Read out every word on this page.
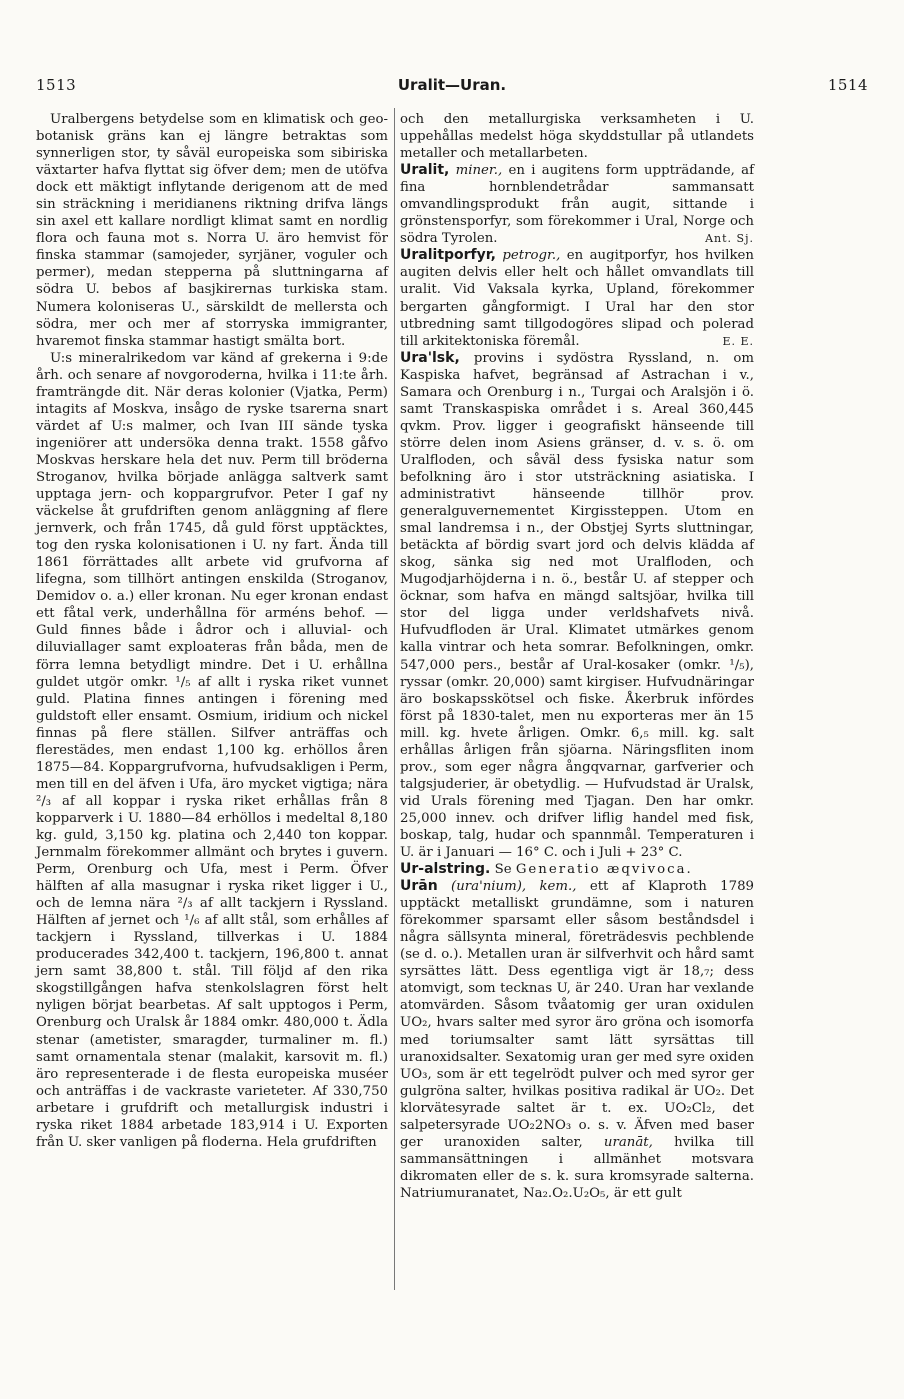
1513	Uralit—Uran.	1514

Uralbergens betydelse som en klimatisk och geo-botanisk gräns kan ej längre betraktas som synnerligen stor, ty såväl europeiska som sibiriska växtarter hafva flyttat sig öfver dem; men de utöfva dock ett mäktigt inflytande derigenom att de med sin sträckning i meridianens riktning drifva längs sin axel ett kallare nordligt klimat samt en nordlig flora och fauna mot s. Norra U. äro hemvist för finska stammar (samojeder, syrjäner, voguler och permer), medan stepperna på sluttningarna af södra U. bebos af basjkirernas turkiska stam. Numera koloniseras U., särskildt de mellersta och södra, mer och mer af storryska immigranter, hvaremot finska stammar hastigt smälta bort.

U:s mineralrikedom var känd af grekerna i 9:de årh. och senare af novgoroderna, hvilka i 11:te årh. framträngde dit. När deras kolonier (Vjatka, Perm) intagits af Moskva, insågo de ryske tsarerna snart värdet af U:s malmer, och Ivan III sände tyska ingeniörer att undersöka denna trakt. 1558 gåfvo Moskvas herskare hela det nuv. Perm till bröderna Stroganov, hvilka började anlägga saltverk samt upptaga jern- och koppargrufvor. Peter I gaf ny väckelse åt grufdriften genom anläggning af flere jernverk, och från 1745, då guld först upptäcktes, tog den ryska kolonisationen i U. ny fart. Ända till 1861 förrättades allt arbete vid grufvorna af lifegna, som tillhört antingen enskilda (Stroganov, Demidov o. a.) eller kronan. Nu eger kronan endast ett fåtal verk, underhållna för arméns behof. — Guld finnes både i ådror och i alluvial- och diluviallager samt exploateras från båda, men de förra lemna betydligt mindre. Det i U. erhållna guldet utgör omkr. ¹/₅ af allt i ryska riket vunnet guld. Platina finnes antingen i förening med guldstoft eller ensamt. Osmium, iridium och nickel finnas på flere ställen. Silfver anträffas och flerestädes, men endast 1,100 kg. erhöllos åren 1875—84. Koppargrufvorna, hufvudsakligen i Perm, men till en del äfven i Ufa, äro mycket vigtiga; nära ²/₃ af all koppar i ryska riket erhållas från 8 kopparverk i U. 1880—84 erhöllos i medeltal 8,180 kg. guld, 3,150 kg. platina och 2,440 ton koppar. Jernmalm förekommer allmänt och brytes i guvern. Perm, Orenburg och Ufa, mest i Perm. Öfver hälften af alla masugnar i ryska riket ligger i U., och de lemna nära ²/₃ af allt tackjern i Ryssland. Hälften af jernet och ¹/₆ af allt stål, som erhålles af tackjern i Ryssland, tillverkas i U. 1884 producerades 342,400 t. tackjern, 196,800 t. annat jern samt 38,800 t. stål. Till följd af den rika skogstillgången hafva stenkolslagren först helt nyligen börjat bearbetas. Af salt upptogos i Perm, Orenburg och Uralsk år 1884 omkr. 480,000 t. Ädla stenar (ametister, smaragder, turmaliner m. fl.) samt ornamentala stenar (malakit, karsovit m. fl.) äro representerade i de flesta europeiska muséer och anträffas i de vackraste varieteter. Af 330,750 arbetare i grufdrift och metallurgisk industri i ryska riket 1884 arbetade 183,914 i U. Exporten från U. sker vanligen på floderna. Hela grufdriften

och den metallurgiska verksamheten i U. uppehållas medelst höga skyddstullar på utlandets metaller och metallarbeten.

Uralit, miner., en i augitens form uppträdande, af fina hornblendetrådar sammansatt omvandlingsprodukt från augit, sittande i grönstensporfyr, som förekommer i Ural, Norge och södra Tyrolen.	Ant. Sj.

Uralitporfyr, petrogr., en augitporfyr, hos hvilken augiten delvis eller helt och hållet omvandlats till uralit. Vid Vaksala kyrka, Upland, förekommer bergarten gångformigt. I Ural har den stor utbredning samt tillgodogöres slipad och polerad till arkitektoniska föremål.	E. E.

Ura'lsk, provins i sydöstra Ryssland, n. om Kaspiska hafvet, begränsad af Astrachan i v., Samara och Orenburg i n., Turgai och Aralsjön i ö. samt Transkaspiska området i s. Areal 360,445 qvkm. Prov. ligger i geografiskt hänseende till större delen inom Asiens gränser, d. v. s. ö. om Uralfloden, och såväl dess fysiska natur som befolkning äro i stor utsträckning asiatiska. I administrativt hänseende tillhör prov. generalguvernementet Kirgissteppen. Utom en smal landremsa i n., der Obstjej Syrts sluttningar, betäckta af bördig svart jord och delvis klädda af skog, sänka sig ned mot Uralfloden, och Mugodjarhöjderna i n. ö., består U. af stepper och öcknar, som hafva en mängd saltsjöar, hvilka till stor del ligga under verldshafvets nivå. Hufvudfloden är Ural. Klimatet utmärkes genom kalla vintrar och heta somrar. Befolkningen, omkr. 547,000 pers., består af Ural-kosaker (omkr. ¹/₅), ryssar (omkr. 20,000) samt kirgiser. Hufvudnäringar äro boskapsskötsel och fiske. Åkerbruk infördes först på 1830-talet, men nu exporteras mer än 15 mill. kg. hvete årligen. Omkr. 6,₅ mill. kg. salt erhållas årligen från sjöarna. Näringsfliten inom prov., som eger några ångqvarnar, garfverier och talgsjuderier, är obetydlig. — Hufvudstad är Uralsk, vid Urals förening med Tjagan. Den har omkr. 25,000 innev. och drifver liflig handel med fisk, boskap, talg, hudar och spannmål. Temperaturen i U. är i Januari — 16° C. och i Juli + 23° C.

Ur-alstring. Se Generatio æqvivoca.

Urān (ura'nium), kem., ett af Klaproth 1789 upptäckt metalliskt grundämne, som i naturen förekommer sparsamt eller såsom beståndsdel i några sällsynta mineral, företrädesvis pechblende (se d. o.). Metallen uran är silfverhvit och hård samt syrsättes lätt. Dess egentliga vigt är 18,₇; dess atomvigt, som tecknas U, är 240. Uran har vexlande atomvärden. Såsom tvåatomig ger uran oxidulen UO₂, hvars salter med syror äro gröna och isomorfa med toriumsalter samt lätt syrsättas till uranoxidsalter. Sexatomig uran ger med syre oxiden UO₃, som är ett tegelrödt pulver och med syror ger gulgröna salter, hvilkas positiva radikal är UO₂. Det klorvätesyrade saltet är t. ex. UO₂Cl₂, det salpetersyrade UO₂2NO₃ o. s. v. Äfven med baser ger uranoxiden salter, uranāt, hvilka till sammansättningen i allmänhet motsvara dikromaten eller de s. k. sura kromsyrade salterna. Natriumuranatet, Na₂.O₂.U₂O₅, är ett gult
